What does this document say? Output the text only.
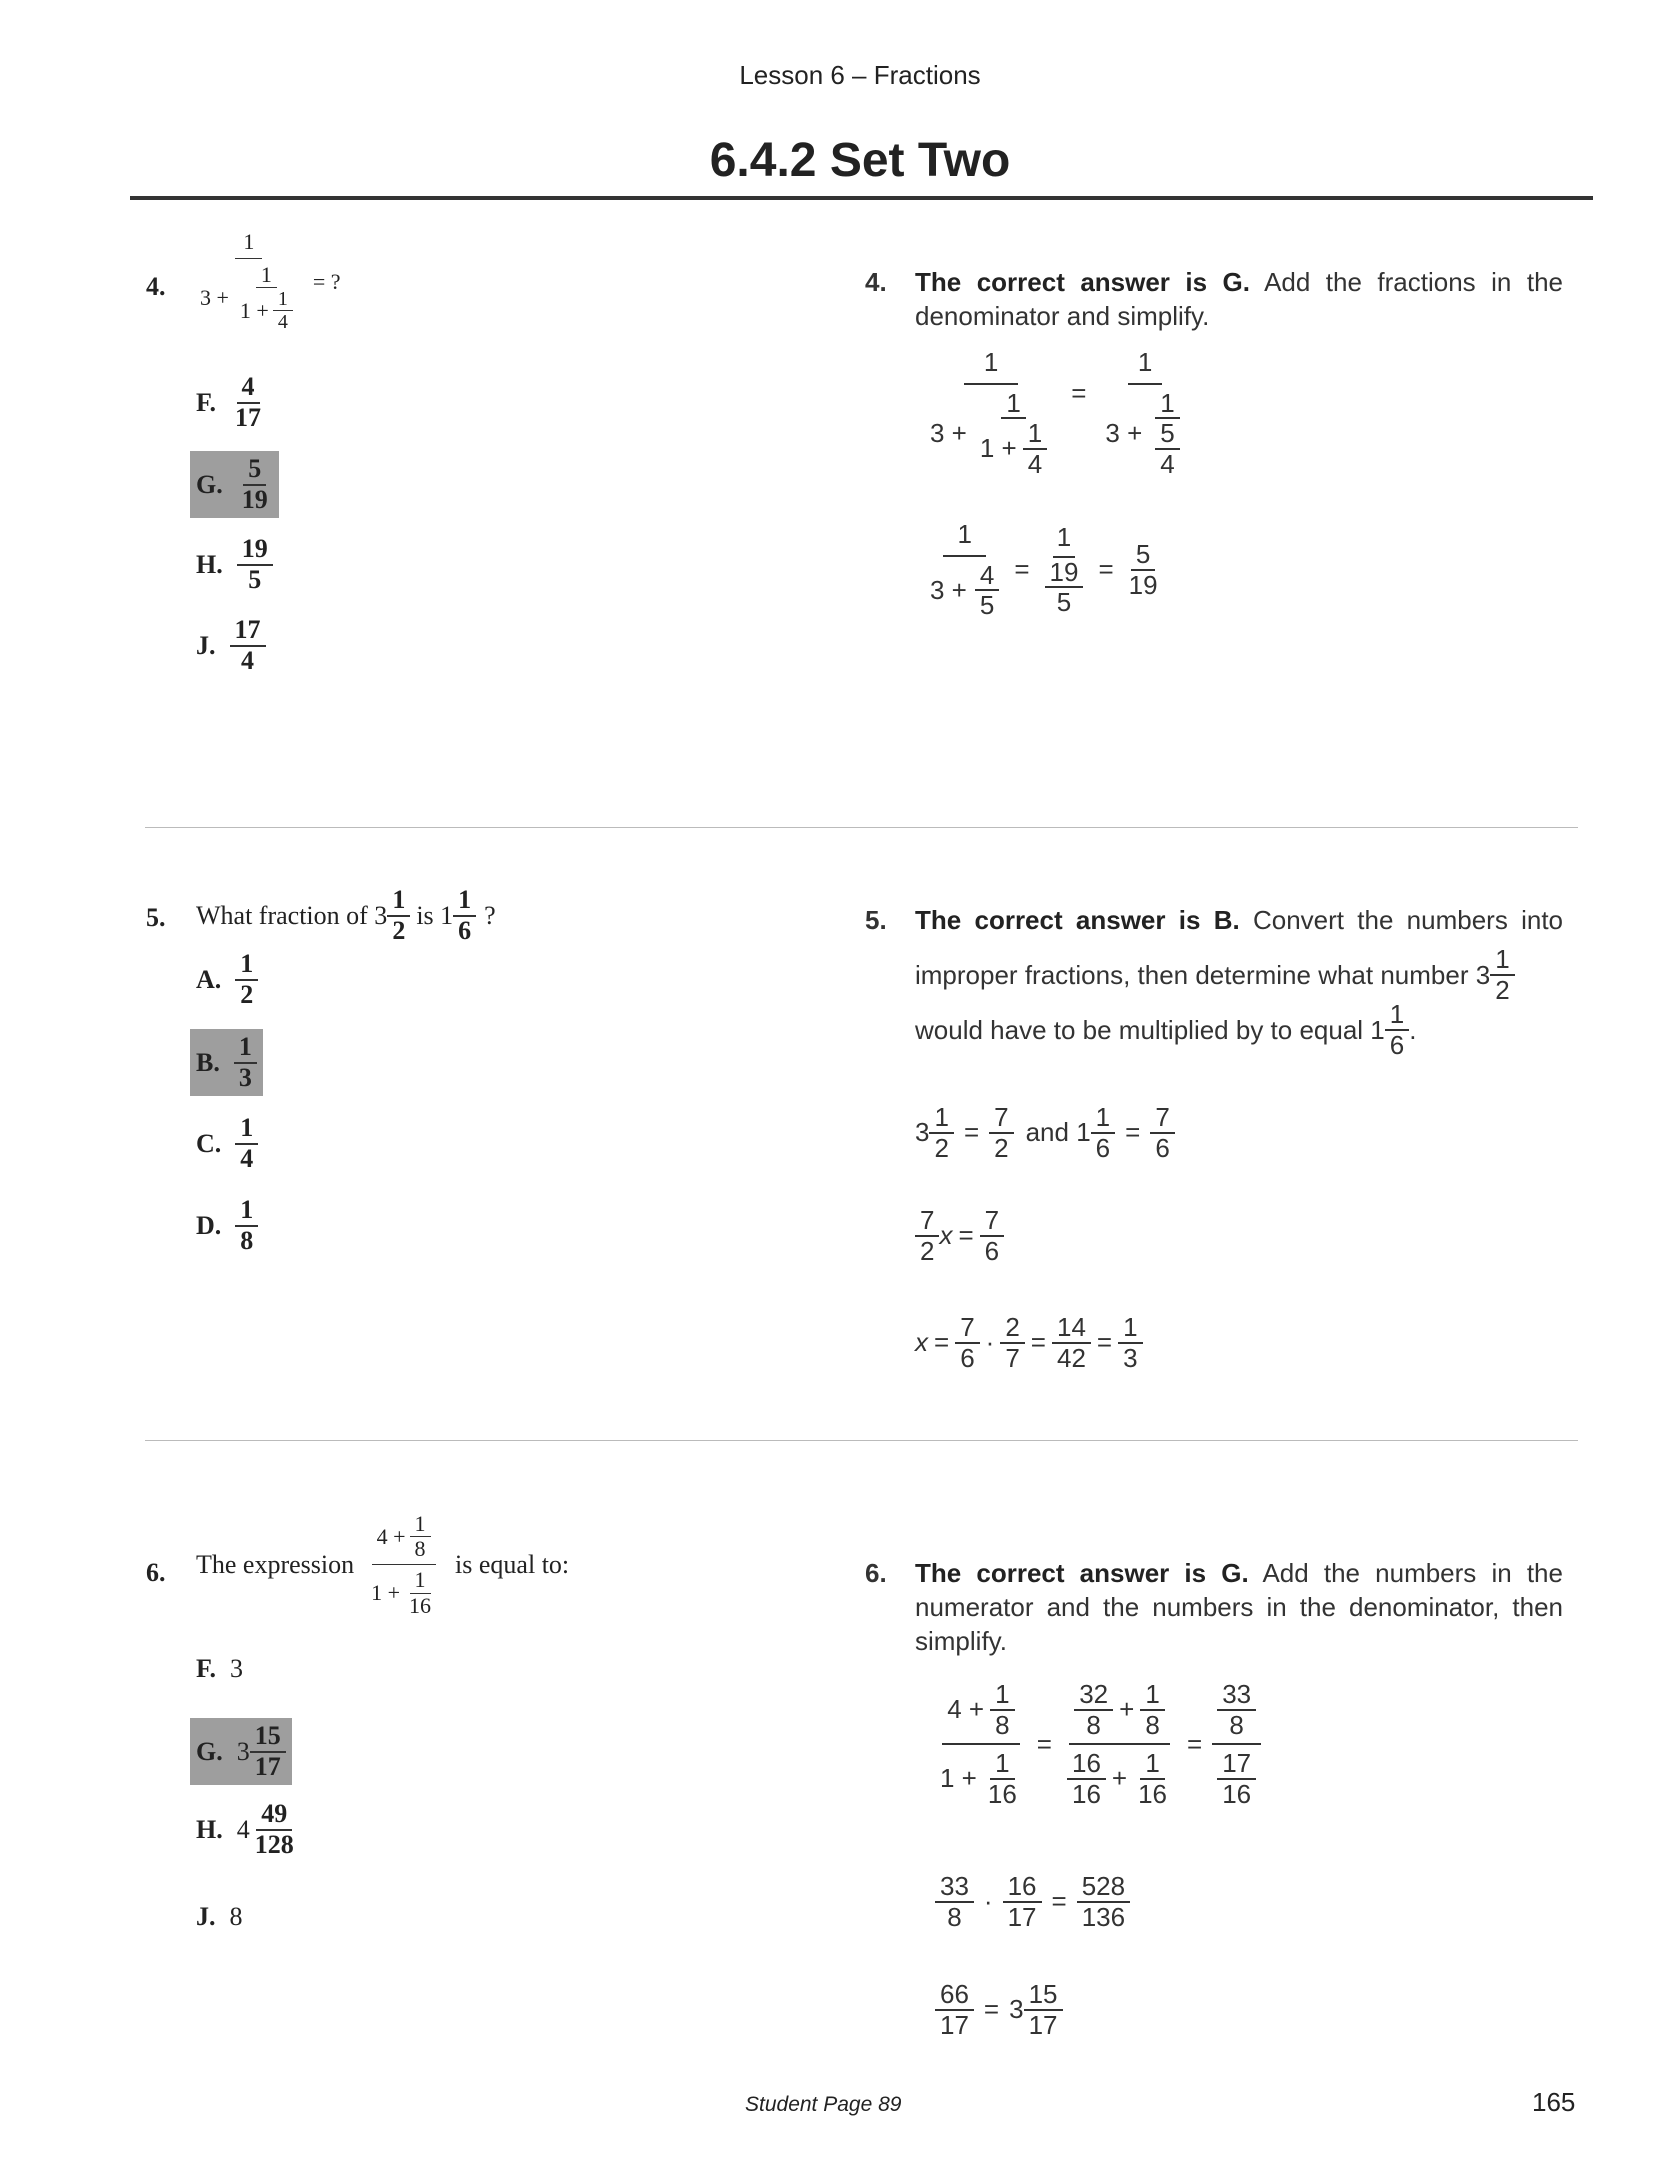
Lesson 6 – Fractions
6.4.2 Set Two
4.
1
$3 + \frac{1}{1 + \frac{1}{4}}$ = ?
F. $\frac{4}{17}$
G. $\frac{5}{19}$
H. $\frac{19}{5}$
J. $\frac{17}{4}$
4.	The correct answer is G. Add the fractions in the denominator and simplify.
1
$3 + \frac{1}{1 + \frac{1}{4}} = \frac{1}{3 + \frac{1}{\frac{5}{4}}}$
$\frac{1}{3 + \frac{4}{5}} = \frac{1}{\frac{19}{5}} = \frac{5}{19}$
5. What fraction of $3 \frac{1}{2}$ is $1 \frac{1}{6}$ ?
A. $\frac{1}{2}$
B. $\frac{1}{3}$
C. $\frac{1}{4}$
D. $\frac{1}{8}$
5.	The correct answer is B. Convert the numbers into
improper fractions, then determine what number $3 \frac{1}{2}$
would have to be multiplied by to equal $1 \frac{1}{6}$ .
$3 \frac{1}{2} = \frac{7}{2}$ and $1 \frac{1}{6} = \frac{7}{6}$
$\frac{7}{2}$ $x = \frac{7}{6}$
$x = \frac{7}{6} \cdot \frac{2}{7} = \frac{14}{42} = \frac{1}{3}$
6. The expression $\frac{4 + \frac{1}{8}}{1 + \frac{1}{16}}$ is equal to:
F. 3
G. $3 \frac{15}{17}$
H. $4 \frac{49}{128}$
J. 8
6.	The correct answer is G. Add the numbers in the numerator and the numbers in the denominator, then simplify.
$\frac{4 + \frac{1}{8}}{1 + \frac{1}{16}} = \frac{\frac{32}{8} + \frac{1}{8}}{\frac{16}{16} + \frac{1}{16}} = \frac{\frac{33}{8}}{\frac{17}{16}}$
$\frac{33}{8} \cdot \frac{16}{17} = \frac{528}{136}$
$\frac{66}{17} = 3 \frac{15}{17}$
Student Page 89	165
